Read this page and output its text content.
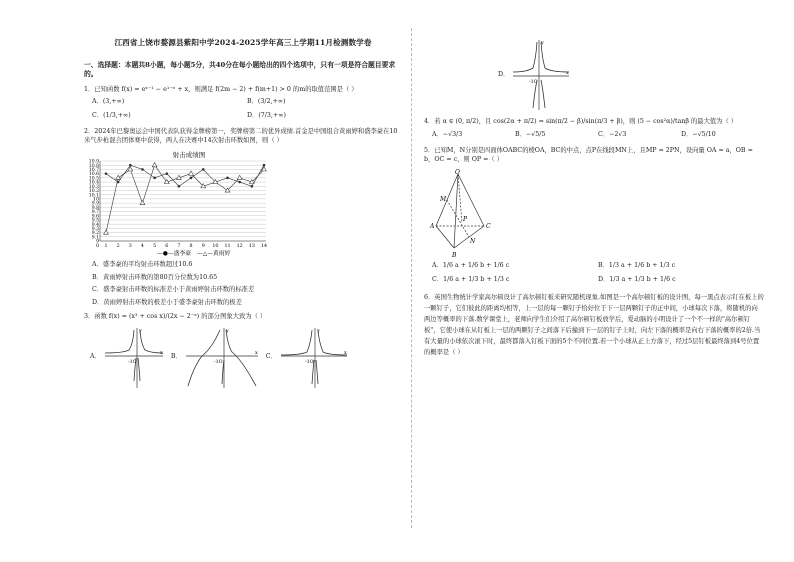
江西省上饶市婺源县紫阳中学2024-2025学年高三上学期11月检测数学卷
一、选择题：本题共8小题，每小题5分，共40分在每小题给出的四个选项中，只有一项是符合题目要求的。
1．已知函数 f(x) = eˣ⁻¹ − e¹⁻ˣ + x，则满足 f(2m − 2) + f(m+1) > 0 的m的取值范围是（ ）
A．(3,+∞)	B．(3/2,+∞)
C．(1/3,+∞)	D．(7/3,+∞)
2．2024年巴黎奥运会中国代表队获得金牌榜第一，奖牌榜第二的优异成绩.首金是中国组合黄雨婷和盛李豪在10米气步枪混合团体赛中获得，两人在决赛中14次射击环数如图，则（ ）
射击成绩图
9
9.1
9.2
9.3
9.4
9.5
9.6
9.7
9.8
9.9
10
10.1
10.2
10.3
10.4
10.5
10.6
10.7
10.8
10.9
0 1 2 3 4 5 6 7 8 9 10 11 12 13 14
—●—盛李豪 —△—黄雨婷
A．盛李豪的平均射击环数超过10.6
B．黄雨婷射击环数的第80百分位数为10.65
C．盛李豪射击环数的标准差小于黄雨婷射击环数的标准差
D．黄雨婷射击环数的极差小于盛李豪射击环数的极差
3．函数 f(x) = (x³ + cos x)/(2x − 2⁻ˣ) 的部分图象大致为（ ）
A．
x
y
-1O
B．
x
y
-1O
C．
x
y
-1O
D．	x
y
-1O
4．若 α ∈ (0, π/2)，且 cos(2α + π/2) = sin(π/2 − β)/sin(π/3 + β)，则 (5 − cos²α)/tanβ 的最大值为（ ）
A．−√3/3	B．−√5/5	C．−2√3	D．−√5/10
5．已知M，N分别是四面体OABC的棱OA，BC的中点，点P在线段MN上，且MP = 2PN，设向量 OA = a，OB = b，OC = c，则 OP =（ ）
O
M
A	C
B
N
P
A．1/6 a + 1/6 b + 1/6 c	B．1/3 a + 1/6 b + 1/3 c
C．1/6 a + 1/3 b + 1/3 c	D．1/3 a + 1/3 b + 1/6 c
6．英国生物统计学家高尔顿设计了高尔顿钉板来研究随机现象.如图是一个高尔顿钉板的设计图，每一黑点表示钉在板上的一颗钉子，它们彼此的距离均相等，上一层的每一颗钉子恰好位于下一层两颗钉子的正中间，小球每次下落，将随机的向两边等概率的下落.数学课堂上，老师向学生们介绍了高尔顿钉板放学后，爱动脑的小明设计了一个不一样的"高尔顿钉板"，它使小球在从钉板上一层的两颗钉子之间落下后撞到下一层的钉子上时，向左下落的概率是向右下落的概率的2倍.当有大量的小球依次滚下时，最终都落入钉板下面的5个不同位置.若一个小球从正上方落下，经过5层钉板最终落到4号位置的概率是（ ）
